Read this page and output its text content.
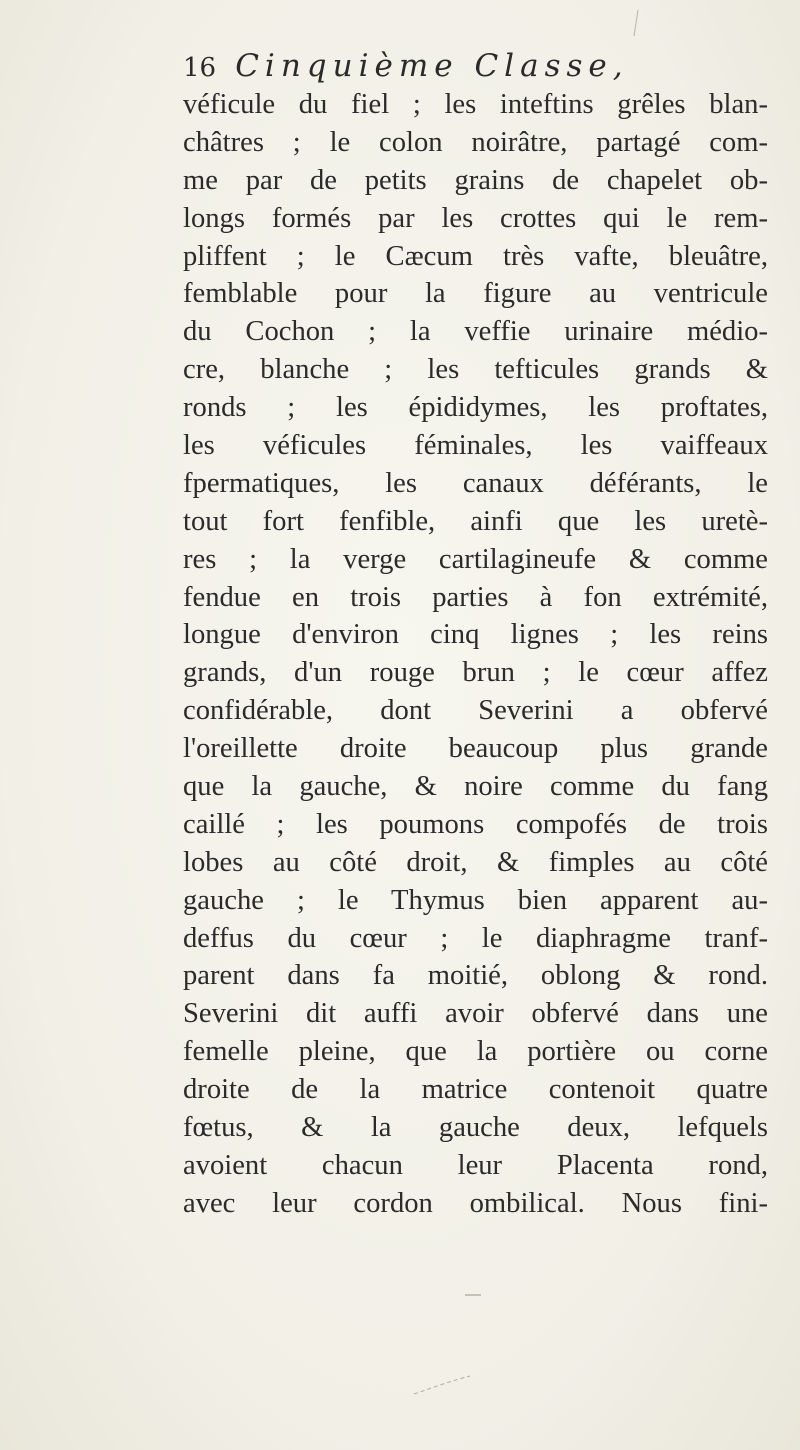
16 Cinquième Classe,
véficule du fiel ; les inteftins grêles blan-
châtres ; le colon noirâtre, partagé com-
me par de petits grains de chapelet ob-
longs formés par les crottes qui le rem-
pliffent ; le Cæcum très vafte, bleuâtre,
femblable pour la figure au ventricule
du Cochon ; la veffie urinaire médio-
cre, blanche ; les tefticules grands &
ronds ; les épididymes, les proftates,
les véficules féminales, les vaiffeaux
fpermatiques, les canaux déférants, le
tout fort fenfible, ainfi que les uretè-
res ; la verge cartilagineufe & comme
fendue en trois parties à fon extrémité,
longue d'environ cinq lignes ; les reins
grands, d'un rouge brun ; le cœur affez
confidérable, dont Severini a obfervé
l'oreillette droite beaucoup plus grande
que la gauche, & noire comme du fang
caillé ; les poumons compofés de trois
lobes au côté droit, & fimples au côté
gauche ; le Thymus bien apparent au-
deffus du cœur ; le diaphragme tranf-
parent dans fa moitié, oblong & rond.
Severini dit auffi avoir obfervé dans une
femelle pleine, que la portière ou corne
droite de la matrice contenoit quatre
fœtus, & la gauche deux, lefquels
avoient chacun leur Placenta rond,
avec leur cordon ombilical. Nous fini-
